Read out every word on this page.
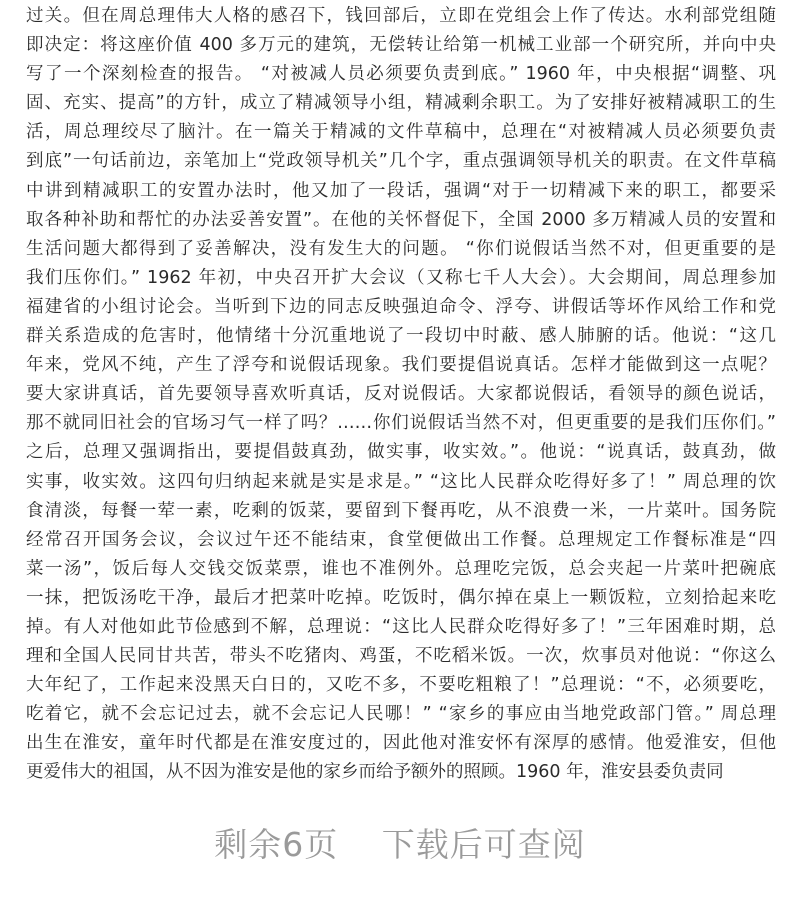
过关。但在周总理伟大人格的感召下，钱回部后，立即在党组会上作了传达。水利部党组随
即决定：将这座价值 400 多万元的建筑，无偿转让给第一机械工业部一个研究所，并向中央
写了一个深刻检查的报告。 “对被减人员必须要负责到底。” 1960 年，中央根据“调整、巩
固、充实、提高”的方针，成立了精减领导小组，精减剩余职工。为了安排好被精减职工的生
活，周总理绞尽了脑汁。在一篇关于精减的文件草稿中，总理在“对被精减人员必须要负责
到底”一句话前边，亲笔加上“党政领导机关”几个字，重点强调领导机关的职责。在文件草稿
中讲到精减职工的安置办法时，他又加了一段话，强调“对于一切精减下来的职工，都要采
取各种补助和帮忙的办法妥善安置”。在他的关怀督促下，全国 2000 多万精减人员的安置和
生活问题大都得到了妥善解决，没有发生大的问题。 “你们说假话当然不对，但更重要的是
我们压你们。” 1962 年初，中央召开扩大会议（又称七千人大会）。大会期间，周总理参加
福建省的小组讨论会。当听到下边的同志反映强迫命令、浮夸、讲假话等坏作风给工作和党
群关系造成的危害时，他情绪十分沉重地说了一段切中时蔽、感人肺腑的话。他说：“这几
年来，党风不纯，产生了浮夸和说假话现象。我们要提倡说真话。怎样才能做到这一点呢？
要大家讲真话，首先要领导喜欢听真话，反对说假话。大家都说假话，看领导的颜色说话，
那不就同旧社会的官场习气一样了吗？……你们说假话当然不对，但更重要的是我们压你们。”
之后，总理又强调指出，要提倡鼓真劲，做实事，收实效。”。他说：“说真话，鼓真劲，做
实事，收实效。这四句归纳起来就是实是求是。” “这比人民群众吃得好多了！” 周总理的饮
食清淡，每餐一荤一素，吃剩的饭菜，要留到下餐再吃，从不浪费一米，一片菜叶。国务院
经常召开国务会议，会议过午还不能结束，食堂便做出工作餐。总理规定工作餐标准是“四
菜一汤”，饭后每人交钱交饭菜票，谁也不准例外。总理吃完饭，总会夹起一片菜叶把碗底
一抹，把饭汤吃干净，最后才把菜叶吃掉。吃饭时，偶尔掉在桌上一颗饭粒，立刻拾起来吃
掉。有人对他如此节俭感到不解，总理说：“这比人民群众吃得好多了！”三年困难时期，总
理和全国人民同甘共苦，带头不吃猪肉、鸡蛋，不吃稻米饭。一次，炊事员对他说：“你这么
大年纪了，工作起来没黑天白日的，又吃不多，不要吃粗粮了！”总理说：“不，必须要吃，
吃着它，就不会忘记过去，就不会忘记人民哪！” “家乡的事应由当地党政部门管。” 周总理
出生在淮安，童年时代都是在淮安度过的，因此他对淮安怀有深厚的感情。他爱淮安，但他
更爱伟大的祖国，从不因为淮安是他的家乡而给予额外的照顾。1960 年，淮安县委负责同
剩余6页 下载后可查阅
